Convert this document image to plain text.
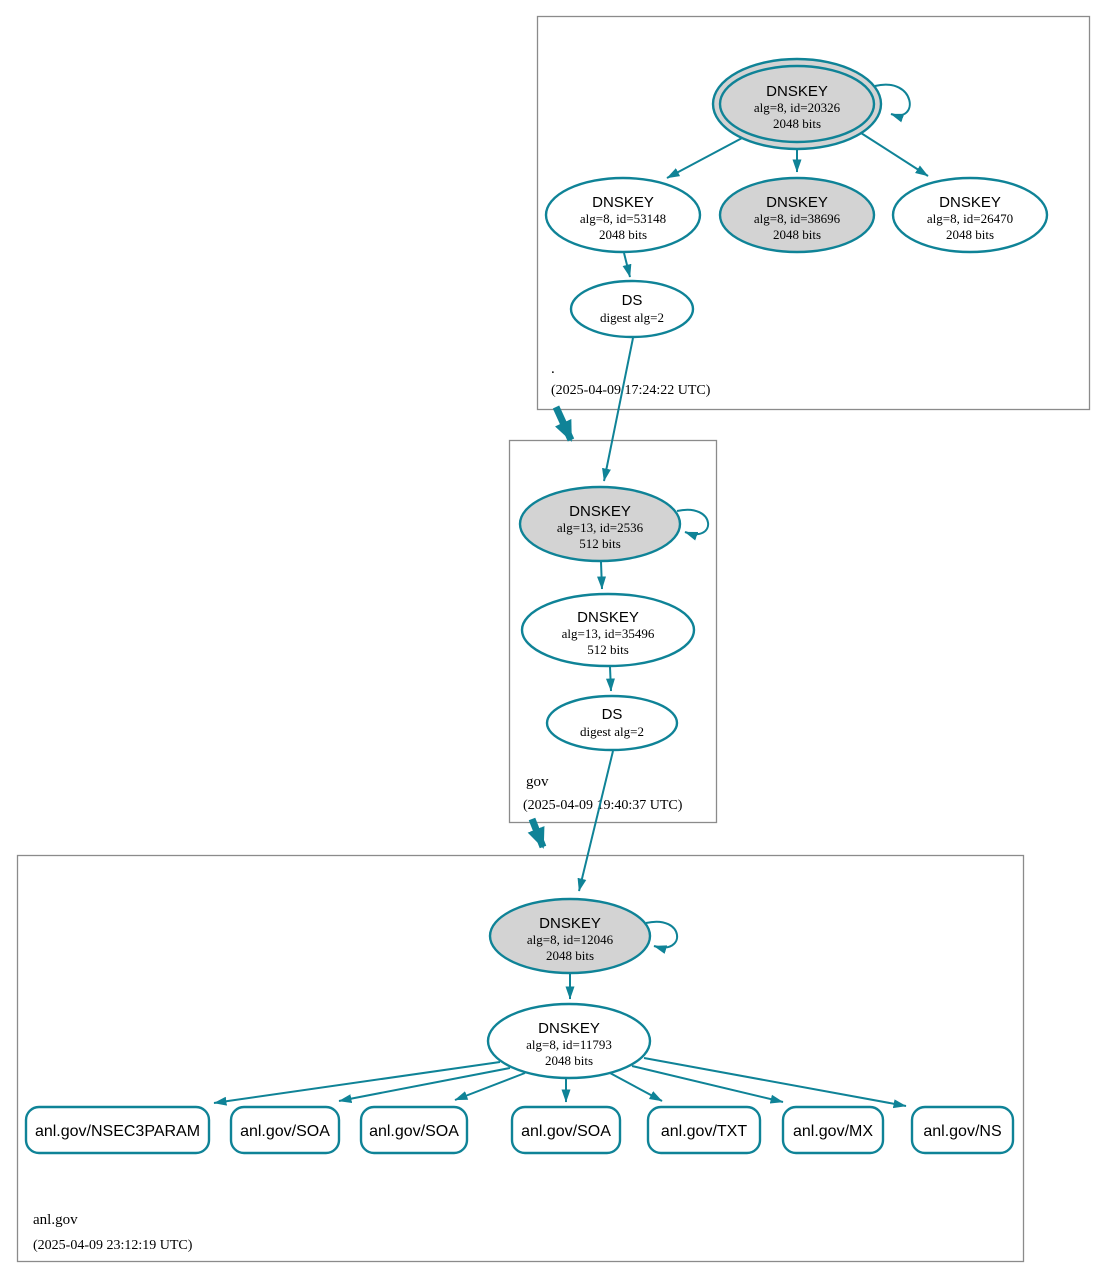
.
(2025-04-09 17:24:22 UTC)
gov
(2025-04-09 19:40:37 UTC)
anl.gov
(2025-04-09 23:12:19 UTC)
DNSKEY
alg=8, id=20326
2048 bits
DNSKEY
alg=8, id=53148
2048 bits
DNSKEY
alg=8, id=38696
2048 bits
DNSKEY
alg=8, id=26470
2048 bits
DS
digest alg=2
DNSKEY
alg=13, id=2536
512 bits
DNSKEY
alg=13, id=35496
512 bits
DS
digest alg=2
DNSKEY
alg=8, id=12046
2048 bits
DNSKEY
alg=8, id=11793
2048 bits
anl.gov/NSEC3PARAM	anl.gov/SOA anl.gov/SOA	anl.gov/SOA	anl.gov/TXT	anl.gov/MX	anl.gov/NS
